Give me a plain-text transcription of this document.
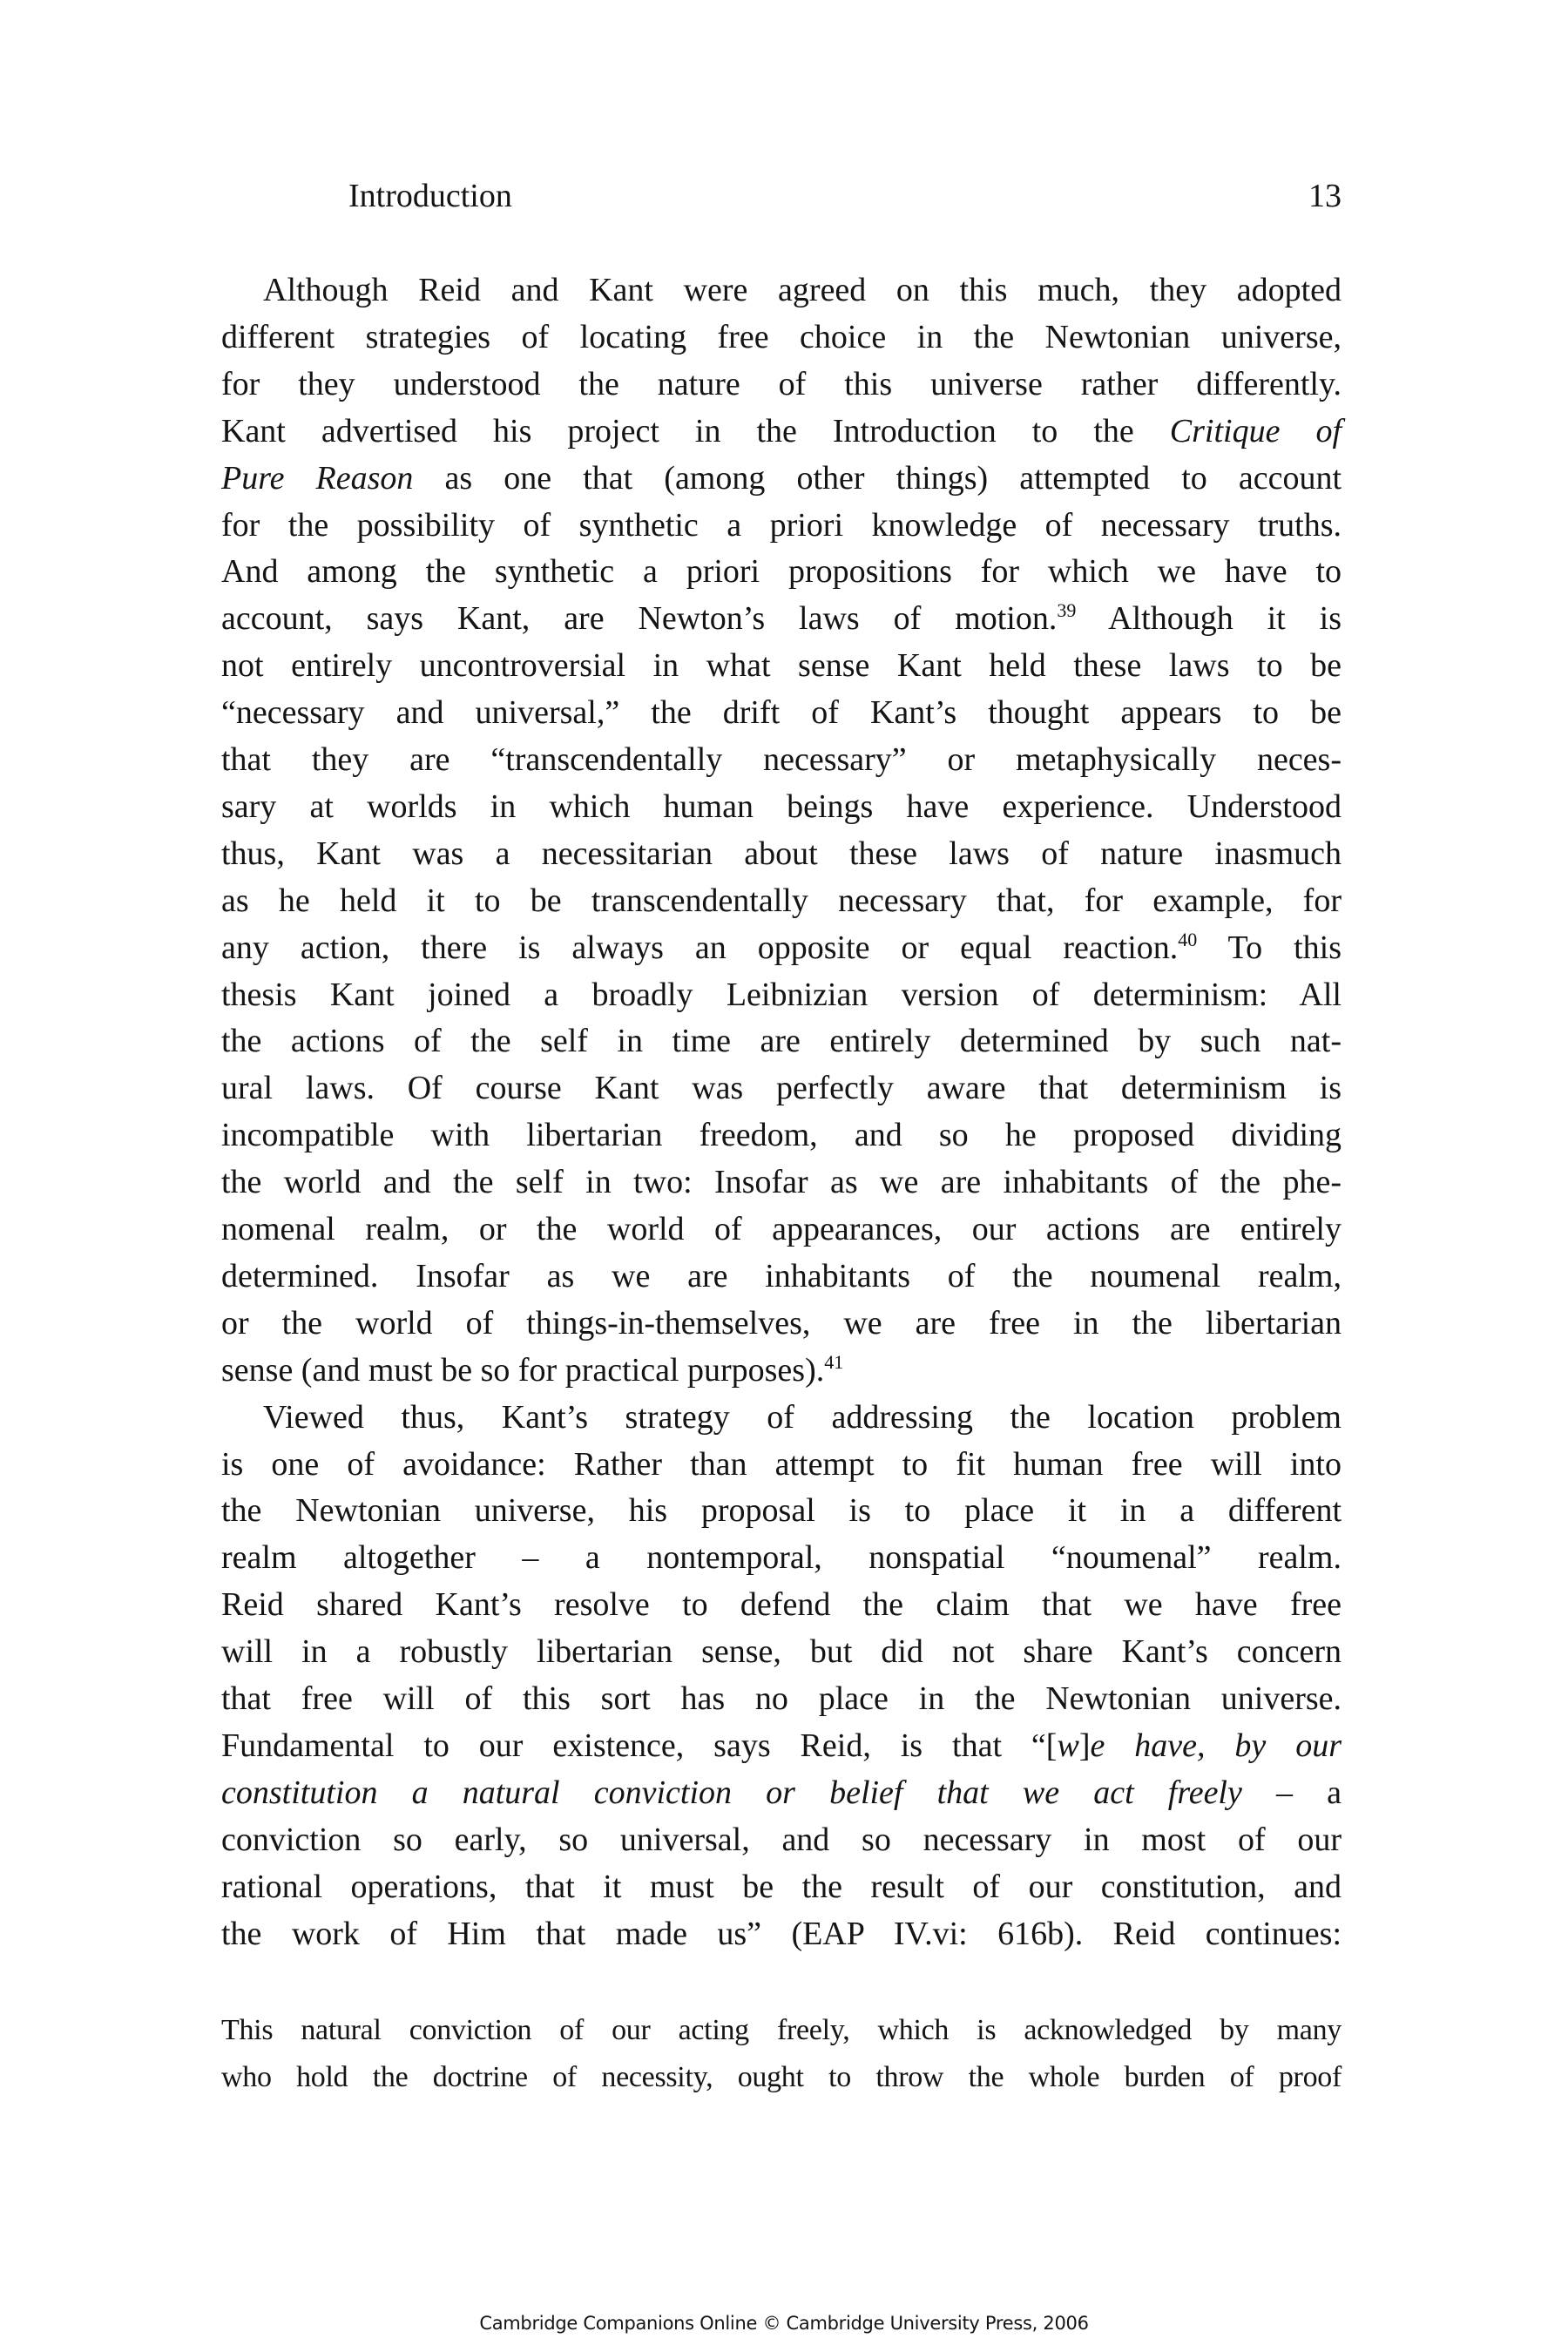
Introduction	13
Although Reid and Kant were agreed on this much, they adopted
different strategies of locating free choice in the Newtonian universe,
for they understood the nature of this universe rather differently.
Kant advertised his project in the Introduction to the Critique of
Pure Reason as one that (among other things) attempted to account
for the possibility of synthetic a priori knowledge of necessary truths.
And among the synthetic a priori propositions for which we have to
account, says Kant, are Newton’s laws of motion.$^{39}$ Although it is
not entirely uncontroversial in what sense Kant held these laws to be
“necessary and universal,” the drift of Kant’s thought appears to be
that they are “transcendentally necessary” or metaphysically neces-
sary at worlds in which human beings have experience. Understood
thus, Kant was a necessitarian about these laws of nature inasmuch
as he held it to be transcendentally necessary that, for example, for
any action, there is always an opposite or equal reaction.$^{40}$ To this
thesis Kant joined a broadly Leibnizian version of determinism: All
the actions of the self in time are entirely determined by such nat-
ural laws. Of course Kant was perfectly aware that determinism is
incompatible with libertarian freedom, and so he proposed dividing
the world and the self in two: Insofar as we are inhabitants of the phe-
nomenal realm, or the world of appearances, our actions are entirely
determined. Insofar as we are inhabitants of the noumenal realm,
or the world of things-in-themselves, we are free in the libertarian
sense (and must be so for practical purposes).$^{41}$
Viewed thus, Kant’s strategy of addressing the location problem
is one of avoidance: Rather than attempt to fit human free will into
the Newtonian universe, his proposal is to place it in a different
realm altogether – a nontemporal, nonspatial “noumenal” realm.
Reid shared Kant’s resolve to defend the claim that we have free
will in a robustly libertarian sense, but did not share Kant’s concern
that free will of this sort has no place in the Newtonian universe.
Fundamental to our existence, says Reid, is that “[w]e have, by our
constitution a natural conviction or belief that we act freely – a
conviction so early, so universal, and so necessary in most of our
rational operations, that it must be the result of our constitution, and
the work of Him that made us” (EAP IV.vi: 616b). Reid continues:
This natural conviction of our acting freely, which is acknowledged by many
who hold the doctrine of necessity, ought to throw the whole burden of proof
Cambridge Companions Online © Cambridge University Press, 2006
